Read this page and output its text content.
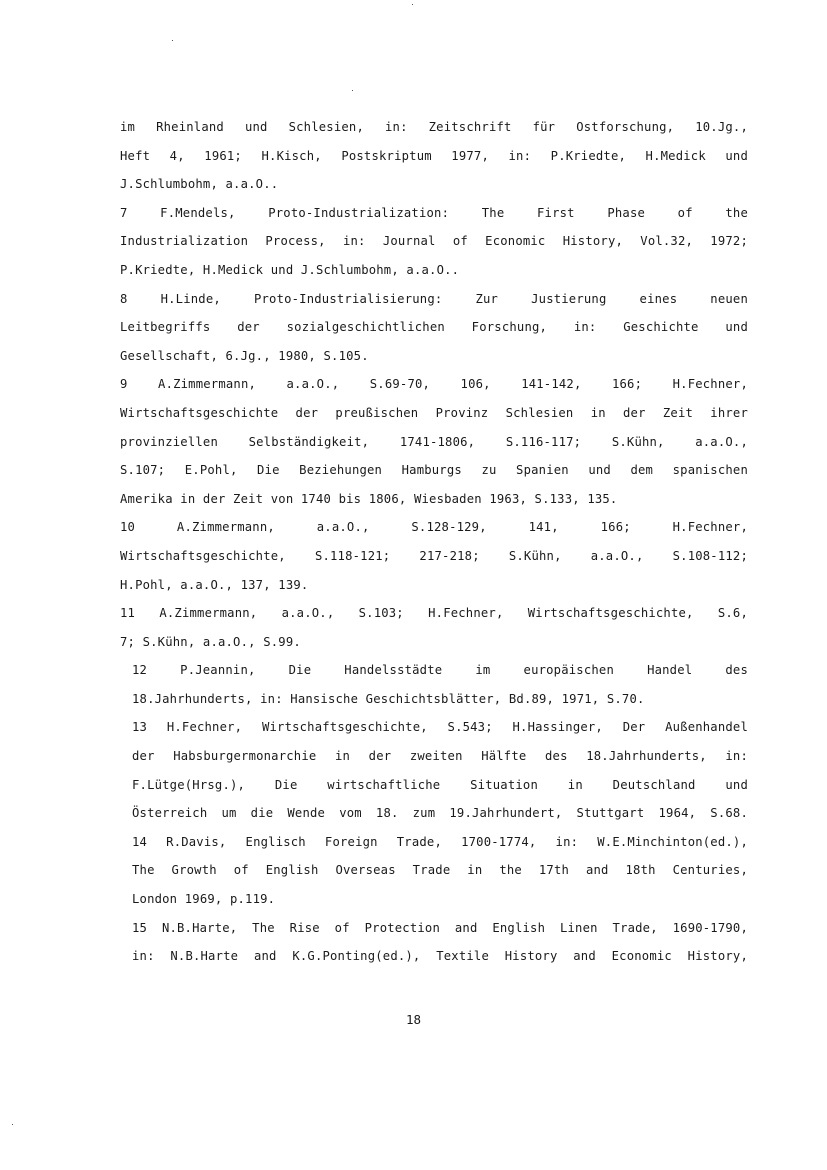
im Rheinland und Schlesien, in: Zeitschrift für Ostforschung, 10.Jg.,
Heft 4, 1961; H.Kisch, Postskriptum 1977, in: P.Kriedte, H.Medick und
J.Schlumbohm, a.a.O..
7 F.Mendels, Proto-Industrialization: The First Phase of the
Industrialization Process, in: Journal of Economic History, Vol.32, 1972;
P.Kriedte, H.Medick und J.Schlumbohm, a.a.O..
8 H.Linde, Proto-Industrialisierung: Zur Justierung eines neuen
Leitbegriffs der sozialgeschichtlichen Forschung, in: Geschichte und
Gesellschaft, 6.Jg., 1980, S.105.
9 A.Zimmermann, a.a.O., S.69-70, 106, 141-142, 166; H.Fechner,
Wirtschaftsgeschichte der preußischen Provinz Schlesien in der Zeit ihrer
provinziellen Selbständigkeit, 1741-1806, S.116-117; S.Kühn, a.a.O.,
S.107; E.Pohl, Die Beziehungen Hamburgs zu Spanien und dem spanischen
Amerika in der Zeit von 1740 bis 1806, Wiesbaden 1963, S.133, 135.
10 A.Zimmermann, a.a.O., S.128-129, 141, 166; H.Fechner,
Wirtschaftsgeschichte, S.118-121; 217-218; S.Kühn, a.a.O., S.108-112;
H.Pohl, a.a.O., 137, 139.
11 A.Zimmermann, a.a.O., S.103; H.Fechner, Wirtschaftsgeschichte, S.6,
7; S.Kühn, a.a.O., S.99.
12 P.Jeannin, Die Handelsstädte im europäischen Handel des
18.Jahrhunderts, in: Hansische Geschichtsblätter, Bd.89, 1971, S.70.
13 H.Fechner, Wirtschaftsgeschichte, S.543; H.Hassinger, Der Außenhandel
der Habsburgermonarchie in der zweiten Hälfte des 18.Jahrhunderts, in:
F.Lütge(Hrsg.), Die wirtschaftliche Situation in Deutschland und
Österreich um die Wende vom 18. zum 19.Jahrhundert, Stuttgart 1964, S.68.
14 R.Davis, Englisch Foreign Trade, 1700-1774, in: W.E.Minchinton(ed.),
The Growth of English Overseas Trade in the 17th and 18th Centuries,
London 1969, p.119.
15 N.B.Harte, The Rise of Protection and English Linen Trade, 1690-1790,
in: N.B.Harte and K.G.Ponting(ed.), Textile History and Economic History,
18
